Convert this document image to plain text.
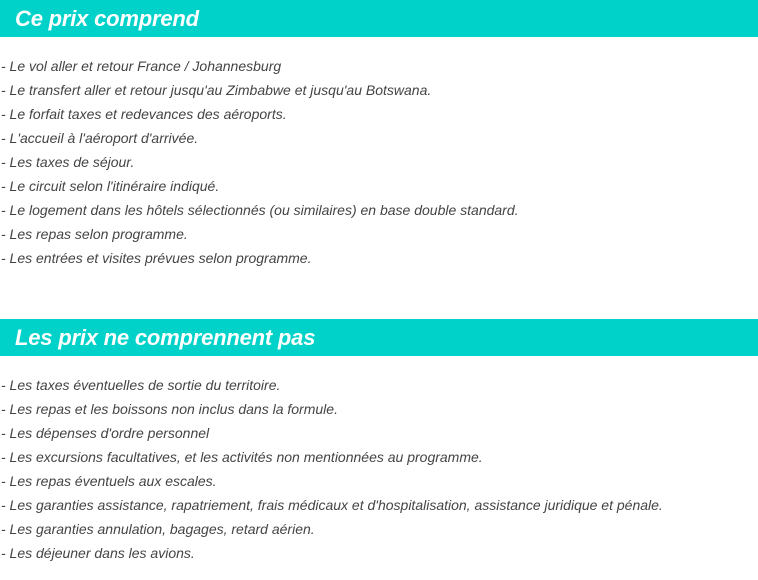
Ce prix comprend
- Le vol aller et retour France / Johannesburg
- Le transfert aller et retour jusqu'au Zimbabwe et jusqu'au Botswana.
- Le forfait taxes et redevances des aéroports.
- L'accueil à l'aéroport d'arrivée.
- Les taxes de séjour.
- Le circuit selon l'itinéraire indiqué.
- Le logement dans les hôtels sélectionnés (ou similaires) en base double standard.
- Les repas selon programme.
- Les entrées et visites prévues selon programme.
Les prix ne comprennent pas
- Les taxes éventuelles de sortie du territoire.
- Les repas et les boissons non inclus dans la formule.
- Les dépenses d'ordre personnel
- Les excursions facultatives, et les activités non mentionnées au programme.
- Les repas éventuels aux escales.
- Les garanties assistance, rapatriement, frais médicaux et d'hospitalisation, assistance juridique et pénale.
- Les garanties annulation, bagages, retard aérien.
- Les déjeuner dans les avions.
